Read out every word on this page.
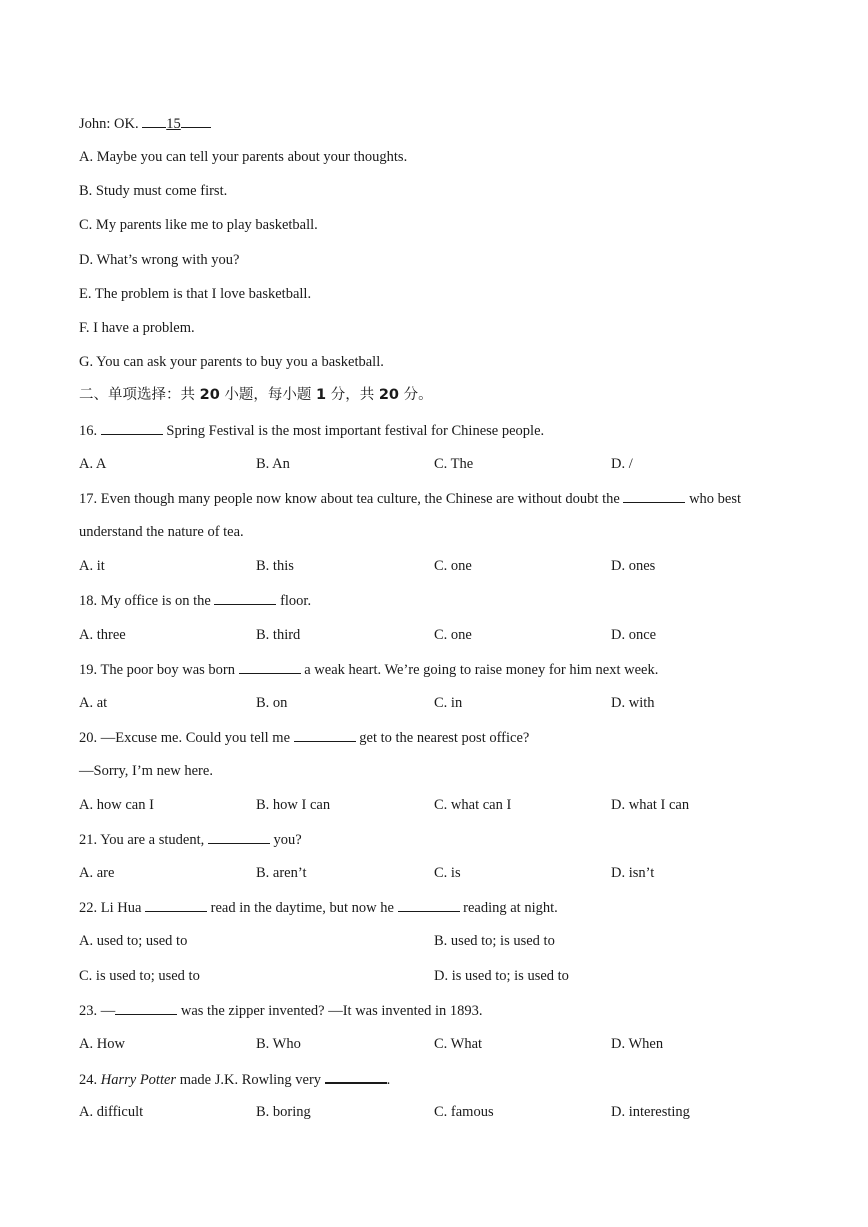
John: OK. 15
A. Maybe you can tell your parents about your thoughts.
B. Study must come first.
C. My parents like me to play basketball.
D. What’s wrong with you?
E. The problem is that I love basketball.
F. I have a problem.
G. You can ask your parents to buy you a basketball.
二、单项选择：共 20 小题，每小题 1 分，共 20 分。
16.	Spring Festival is the most important festival for Chinese people.
A. A	B. An	C. The	D. /
17. Even though many people now know about tea culture, the Chinese are without doubt the	who best
understand the nature of tea.
A. it	B. this	C. one	D. ones
18. My office is on the	floor.
A. three	B. third	C. one	D. once
19. The poor boy was born	a weak heart. We’re going to raise money for him next week.
A. at	B. on	C. in	D. with
20. —Excuse me. Could you tell me	get to the nearest post office?
—Sorry, I’m new here.
A. how can I	B. how I can	C. what can I	D. what I can
21. You are a student,	you?
A. are	B. aren’t	C. is	D. isn’t
22. Li Hua	read in the daytime, but now he	reading at night.
A. used to; used to	B. used to; is used to
C. is used to; used to	D. is used to; is used to
23. —	was the zipper invented? —It was invented in 1893.
A. How	B. Who	C. What	D. When
24. Harry Potter made J.K. Rowling very	.
A. difficult	B. boring	C. famous	D. interesting
